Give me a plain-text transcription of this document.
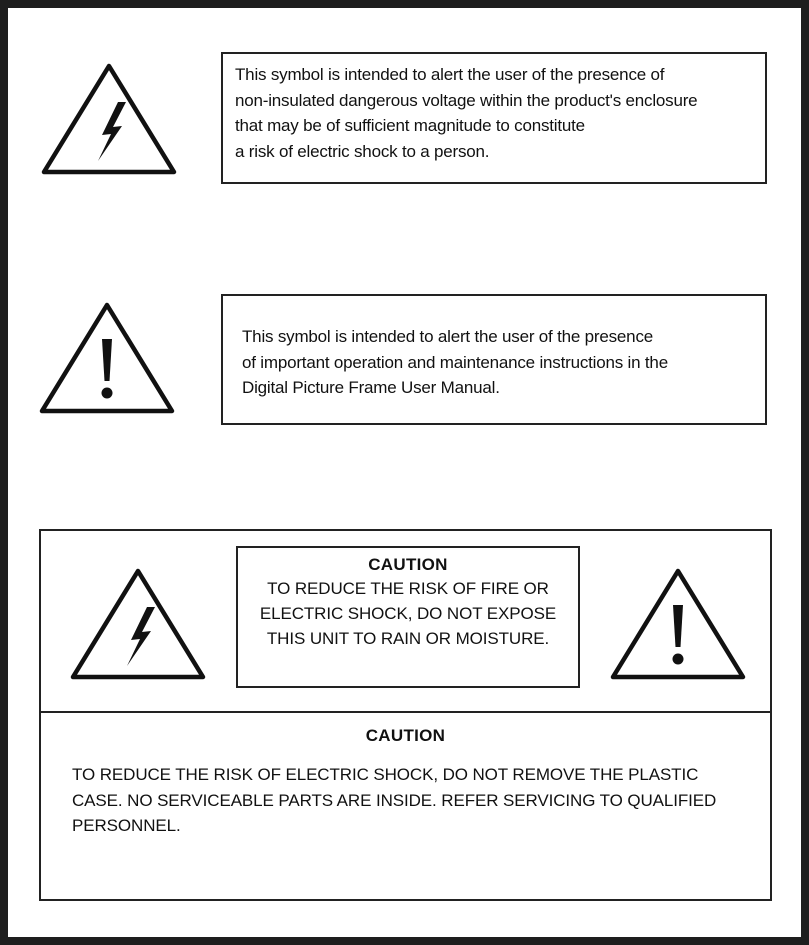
This symbol is intended to alert the user of the presence of
non-insulated dangerous voltage within the product's enclosure
that may be of sufficient magnitude to constitute
a risk of electric shock to a person.
This symbol is intended to alert the user of the presence
of important operation and maintenance instructions in the
Digital Picture Frame User Manual.
CAUTION
TO REDUCE THE RISK OF FIRE OR
ELECTRIC SHOCK, DO NOT EXPOSE
THIS UNIT TO RAIN OR MOISTURE.
CAUTION
TO REDUCE THE RISK OF ELECTRIC SHOCK, DO NOT REMOVE THE PLASTIC
CASE. NO SERVICEABLE PARTS ARE INSIDE. REFER SERVICING TO QUALIFIED
PERSONNEL.
